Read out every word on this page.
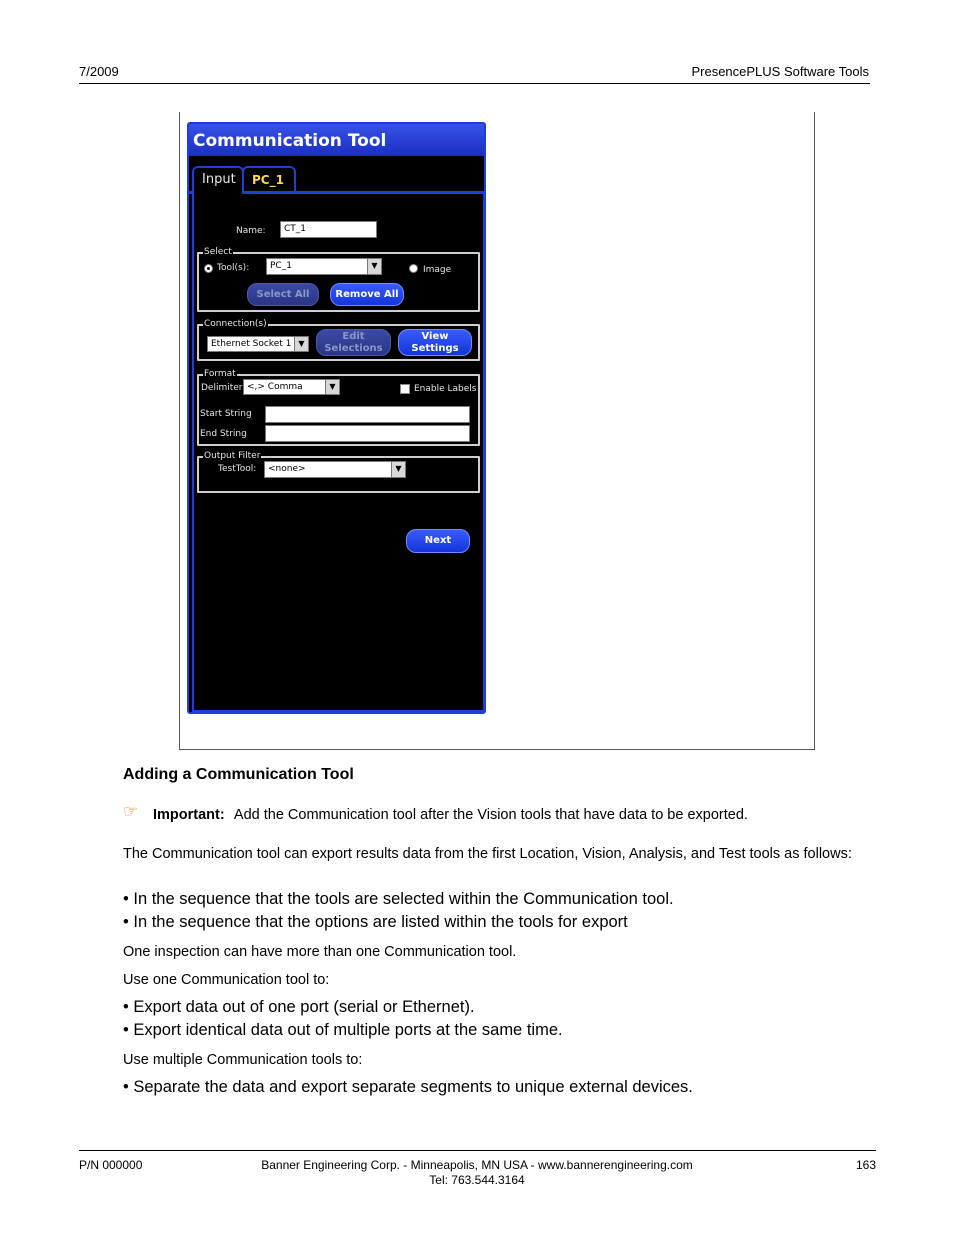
7/2009	PresencePLUS Software Tools
Communication Tool
PC_1
Input
Name:	CT_1
Select
Tool(s):	PC_1	▼	Image
Select All	Remove All
Connection(s)
Ethernet Socket 1 ▼
Edit
Selections
View
Settings
Format
Delimiter <,> Comma	▼	Enable Labels
Start String
End String
Output Filter
TestTool:	<none>	▼
Next
Adding a Communication Tool
☞ Important: Add the Communication tool after the Vision tools that have data to be exported.
The Communication tool can export results data from the first Location, Vision, Analysis, and Test tools as follows:
• In the sequence that the tools are selected within the Communication tool.
• In the sequence that the options are listed within the tools for export
One inspection can have more than one Communication tool.
Use one Communication tool to:
• Export data out of one port (serial or Ethernet).
• Export identical data out of multiple ports at the same time.
Use multiple Communication tools to:
• Separate the data and export separate segments to unique external devices.
P/N 000000	Banner Engineering Corp. - Minneapolis, MN USA - www.bannerengineering.com
Tel: 763.544.3164
163
